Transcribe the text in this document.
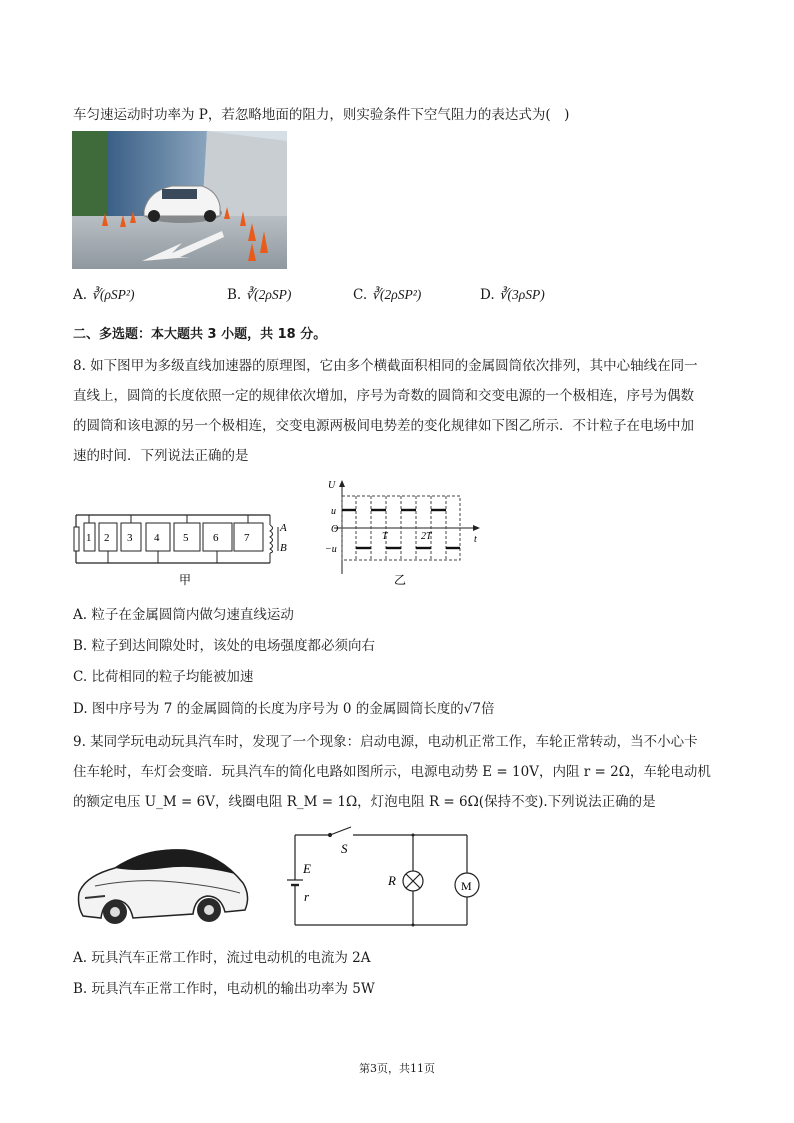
车匀速运动时功率为 P，若忽略地面的阻力，则实验条件下空气阻力的表达式为(　)
A. ∛(ρSP²)	B. ∛(2ρSP)	C. ∛(2ρSP²)	D. ∛(3ρSP)
二、多选题：本大题共 3 小题，共 18 分。
8. 如下图甲为多级直线加速器的原理图，它由多个横截面积相同的金属圆筒依次排列，其中心轴线在同一
直线上，圆筒的长度依照一定的规律依次增加，序号为奇数的圆筒和交变电源的一个极相连，序号为偶数
的圆筒和该电源的另一个极相连，交变电源两极间电势差的变化规律如下图乙所示．不计粒子在电场中加
速的时间．下列说法正确的是
1 2 3 4 5 6 7
A
B
甲
U
t
O
u
−u
T	2T
乙
A. 粒子在金属圆筒内做匀速直线运动
B. 粒子到达间隙处时，该处的电场强度都必须向右
C. 比荷相同的粒子均能被加速
D. 图中序号为 7 的金属圆筒的长度为序号为 0 的金属圆筒长度的√7倍
9. 某同学玩电动玩具汽车时，发现了一个现象：启动电源，电动机正常工作，车轮正常转动，当不小心卡
住车轮时，车灯会变暗．玩具汽车的简化电路如图所示，电源电动势 E = 10V，内阻 r = 2Ω，车轮电动机
的额定电压 U_M = 6V，线圈电阻 R_M = 1Ω，灯泡电阻 R = 6Ω(保持不变).下列说法正确的是
S
E
r
R	M
A. 玩具汽车正常工作时，流过电动机的电流为 2A
B. 玩具汽车正常工作时，电动机的输出功率为 5W
第3页，共11页
